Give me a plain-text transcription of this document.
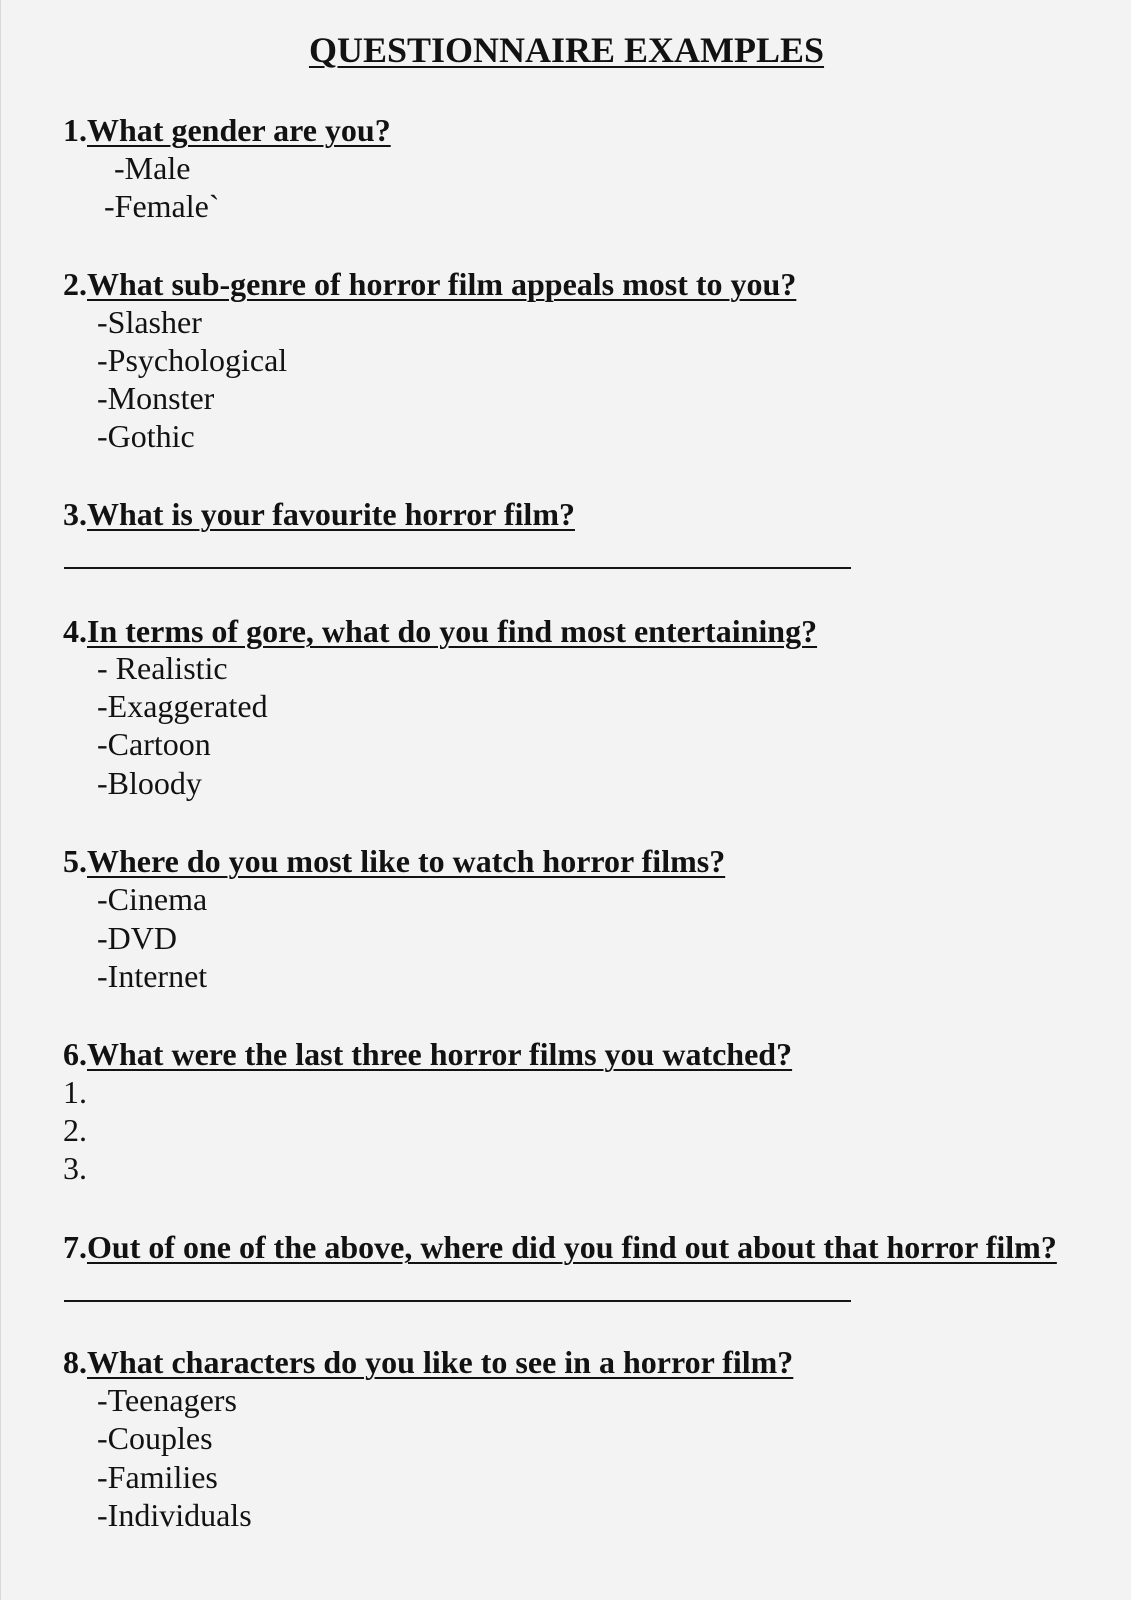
QUESTIONNAIRE EXAMPLES
1.What gender are you?
-Male
-Female`
2.What sub-genre of horror film appeals most to you?
-Slasher
-Psychological
-Monster
-Gothic
3.What is your favourite horror film?
4.In terms of gore, what do you find most entertaining?
- Realistic
-Exaggerated
-Cartoon
-Bloody
5.Where do you most like to watch horror films?
-Cinema
-DVD
-Internet
6.What were the last three horror films you watched?
1.
2.
3.
7.Out of one of the above, where did you find out about that horror film?
8.What characters do you like to see in a horror film?
-Teenagers
-Couples
-Families
-Individuals
